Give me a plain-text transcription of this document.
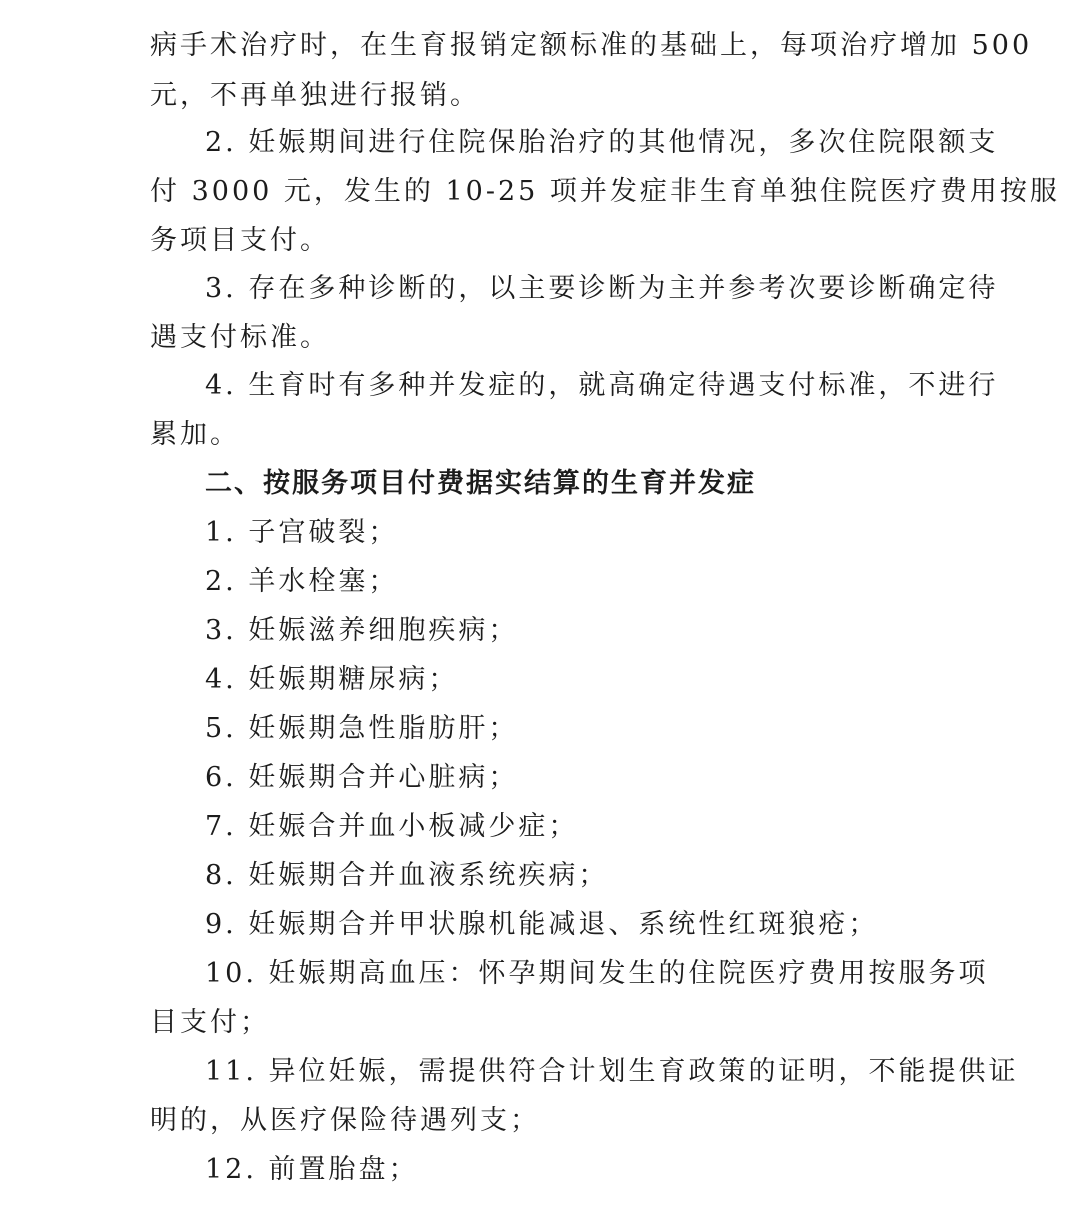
病手术治疗时，在生育报销定额标准的基础上，每项治疗增加 500
元，不再单独进行报销。
2. 妊娠期间进行住院保胎治疗的其他情况，多次住院限额支
付 3000 元，发生的 10-25 项并发症非生育单独住院医疗费用按服
务项目支付。
3. 存在多种诊断的，以主要诊断为主并参考次要诊断确定待
遇支付标准。
4. 生育时有多种并发症的，就高确定待遇支付标准，不进行
累加。
二、按服务项目付费据实结算的生育并发症
1. 子宫破裂；
2. 羊水栓塞；
3. 妊娠滋养细胞疾病；
4. 妊娠期糖尿病；
5. 妊娠期急性脂肪肝；
6. 妊娠期合并心脏病；
7. 妊娠合并血小板减少症；
8. 妊娠期合并血液系统疾病；
9. 妊娠期合并甲状腺机能减退、系统性红斑狼疮；
10. 妊娠期高血压：怀孕期间发生的住院医疗费用按服务项
目支付；
11. 异位妊娠，需提供符合计划生育政策的证明，不能提供证
明的，从医疗保险待遇列支；
12. 前置胎盘；
